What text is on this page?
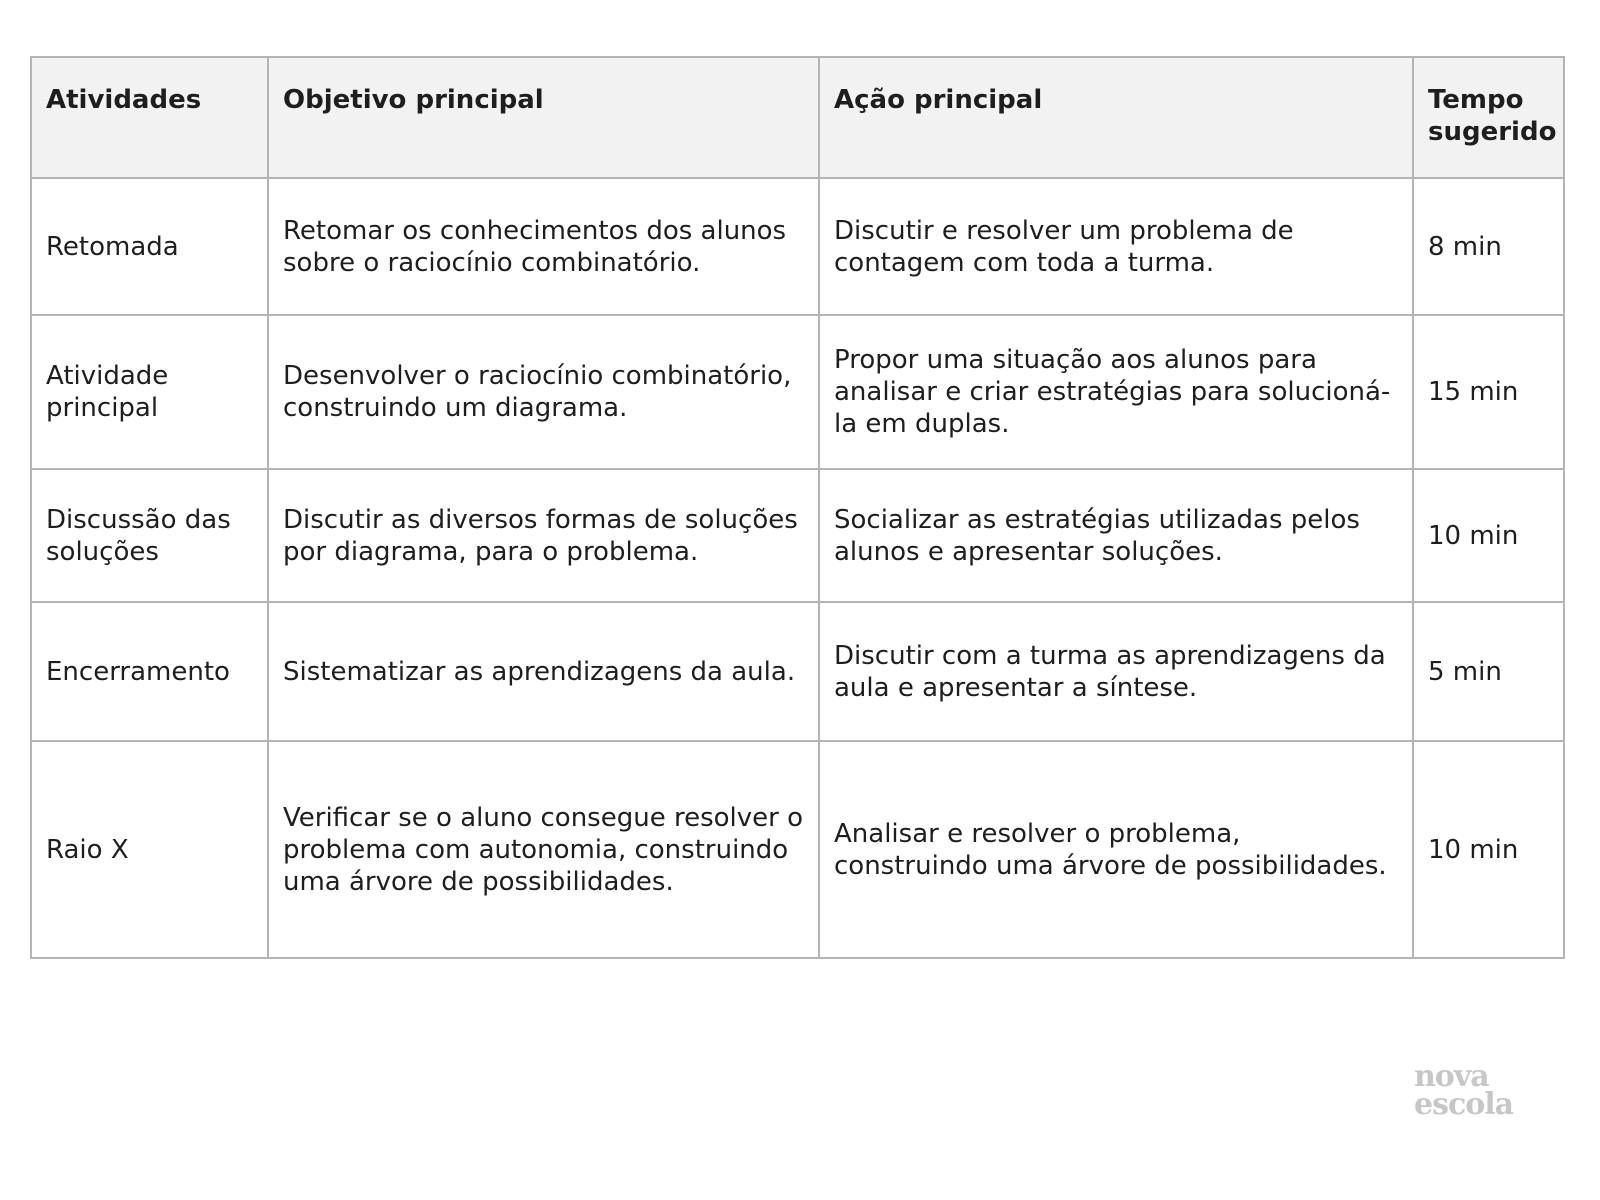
Atividades	Objetivo principal	Ação principal	Tempo sugerido
Retomada	Retomar os conhecimentos dos alunos sobre o raciocínio combinatório.	Discutir e resolver um problema de contagem com toda a turma.	8 min
Atividade principal	Desenvolver o raciocínio combinatório, construindo um diagrama.	Propor uma situação aos alunos para analisar e criar estratégias para solucioná-la em duplas.	15 min
Discussão das soluções	Discutir as diversos formas de soluções por diagrama, para o problema.	Socializar as estratégias utilizadas pelos alunos e apresentar soluções.	10 min
Encerramento	Sistematizar as aprendizagens da aula.	Discutir com a turma as aprendizagens da aula e apresentar a síntese.	5 min
Raio X	Verificar se o aluno consegue resolver o problema com autonomia, construindo uma árvore de possibilidades.	Analisar e resolver o problema, construindo uma árvore de possibilidades.	10 min
nova
escola
